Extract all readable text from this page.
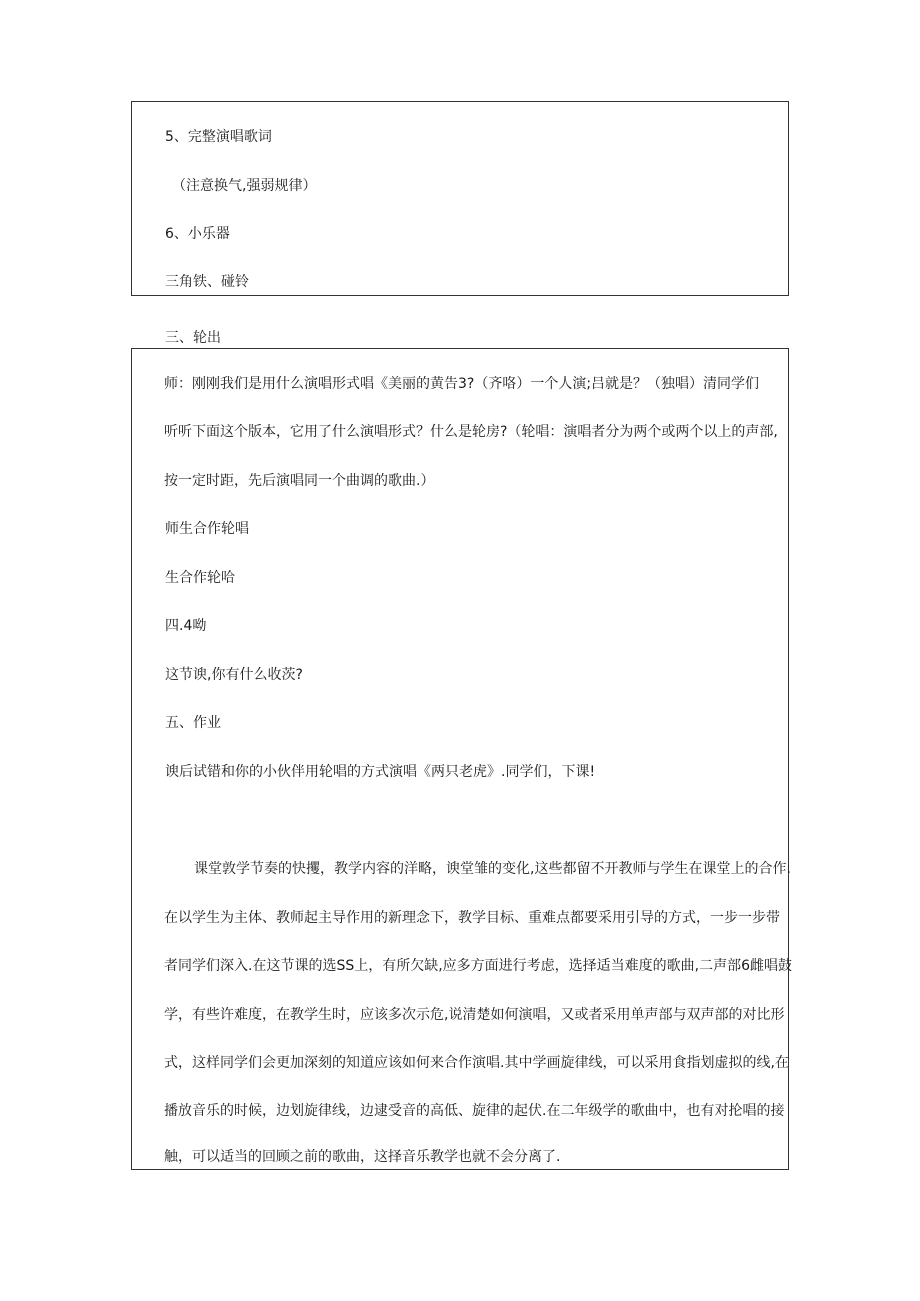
5、完整演唱歌词
（注意换气,强弱规律）
6、小乐器
三角铁、碰铃
三、轮出
师：刚刚我们是用什么演唱形式唱《美丽的黄告3?（齐咯）一个人演;吕就是？（独唱）清同学们
听听下面这个版本，它用了什么演唱形式？什么是轮房?（轮唱：演唱者分为两个或两个以上的声部,
按一定时距，先后演唱同一个曲调的歌曲.）
师生合作轮唱
生合作轮哈
四.4呦
这节谀,你有什么收茨?
五、作业
谀后试错和你的小伙伴用轮唱的方式演唱《两只老虎》.同学们，下课!
课堂敦学节奏的快攫，教学内容的洋略，谀堂雏的变化,这些都留不开教师与学生在课堂上的合作.
在以学生为主体、教师起主导作用的新理念下，教学目标、重难点都要采用引导的方式，一步一步带
者同学们深入.在这节课的选SS上，有所欠缺,应多方面进行考虑，选择适当难度的歌曲,二声部6雌唱鼓
学，有些许难度，在教学生时，应该多次示危,说清楚如何演唱，又或者采用单声部与双声部的对比形
式，这样同学们会更加深刻的知道应该如何来合作演唱.其中学画旋律线，可以采用食指划虚拟的线,在
播放音乐的时候，边划旋律线，边逮受音的高低、旋律的起伏.在二年级学的歌曲中，也有对抡唱的接
触，可以适当的回顾之前的歌曲，这择音乐教学也就不会分离了.
